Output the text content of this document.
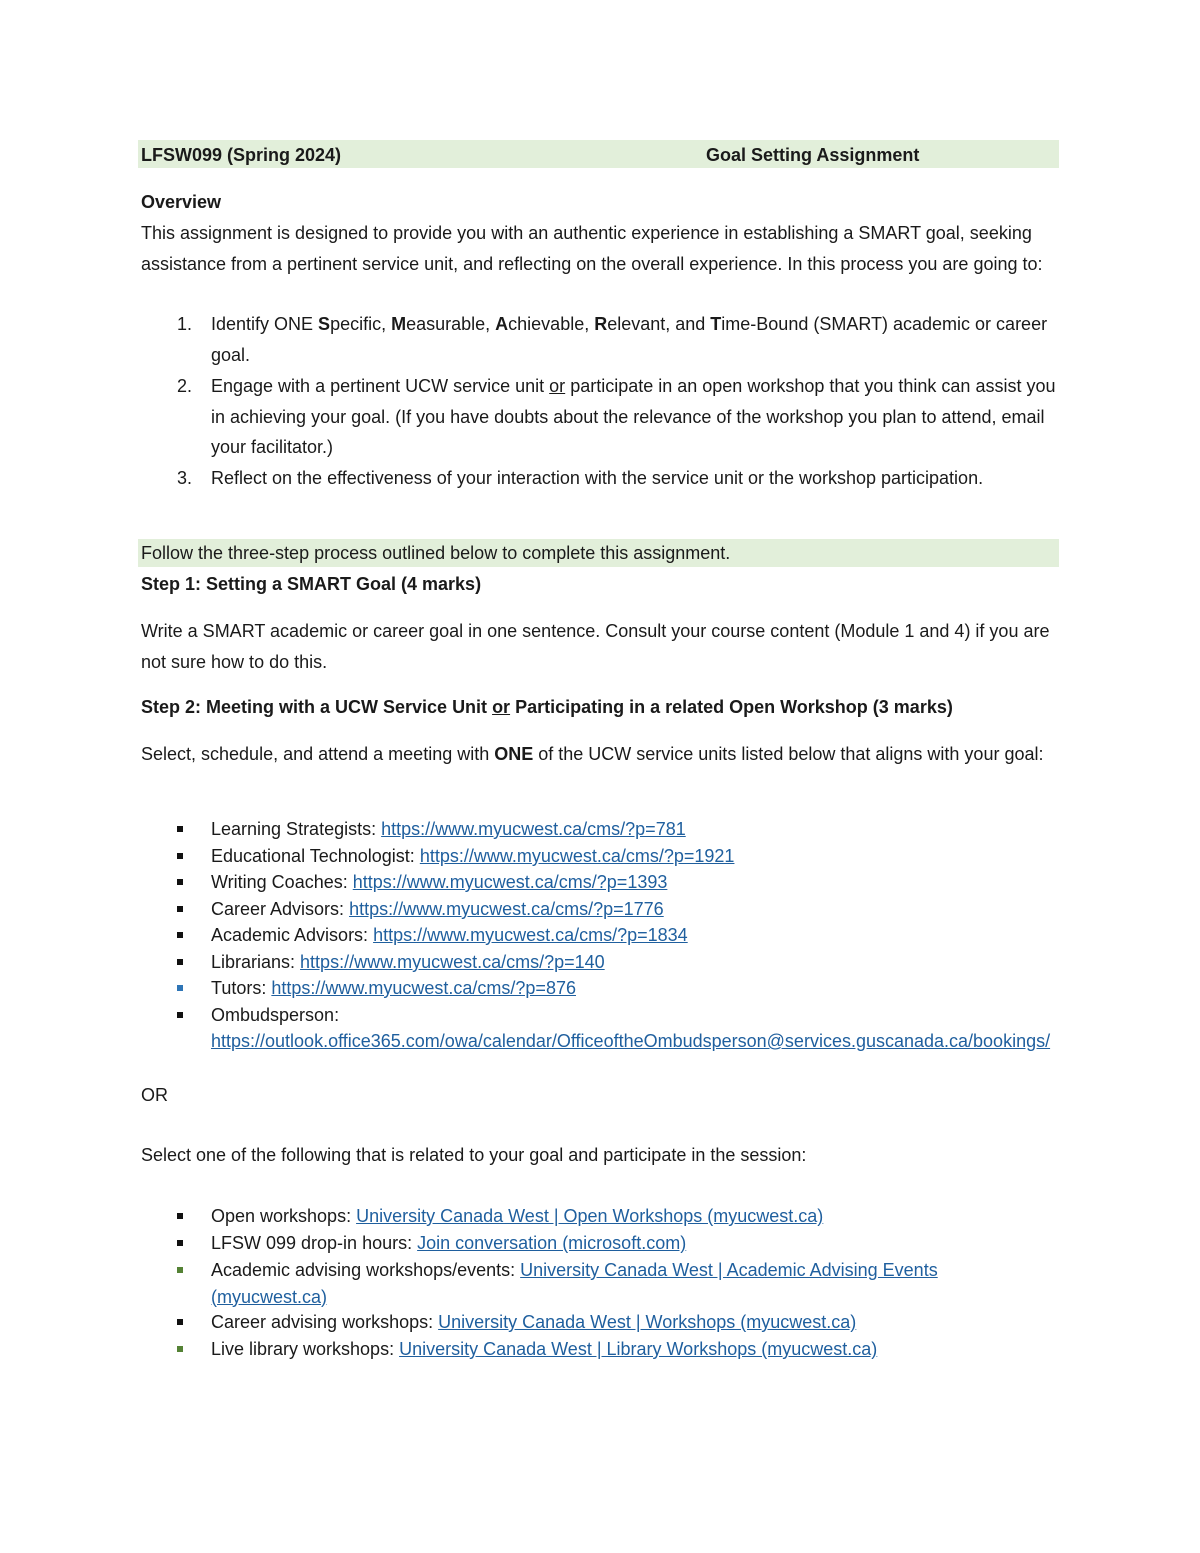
LFSW099 (Spring 2024)	Goal Setting Assignment
Overview
This assignment is designed to provide you with an authentic experience in establishing a SMART goal, seeking assistance from a pertinent service unit, and reflecting on the overall experience. In this process you are going to:
1. Identify ONE Specific, Measurable, Achievable, Relevant, and Time-Bound (SMART) academic or career goal.
2. Engage with a pertinent UCW service unit or participate in an open workshop that you think can assist you in achieving your goal. (If you have doubts about the relevance of the workshop you plan to attend, email your facilitator.)
3. Reflect on the effectiveness of your interaction with the service unit or the workshop participation.
Follow the three-step process outlined below to complete this assignment.
Step 1: Setting a SMART Goal (4 marks)
Write a SMART academic or career goal in one sentence. Consult your course content (Module 1 and 4) if you are not sure how to do this.
Step 2: Meeting with a UCW Service Unit or Participating in a related Open Workshop (3 marks)
Select, schedule, and attend a meeting with ONE of the UCW service units listed below that aligns with your goal:
Learning Strategists: https://www.myucwest.ca/cms/?p=781
Educational Technologist: https://www.myucwest.ca/cms/?p=1921
Writing Coaches: https://www.myucwest.ca/cms/?p=1393
Career Advisors: https://www.myucwest.ca/cms/?p=1776
Academic Advisors: https://www.myucwest.ca/cms/?p=1834
Librarians: https://www.myucwest.ca/cms/?p=140
Tutors: https://www.myucwest.ca/cms/?p=876
Ombudsperson:
https://outlook.office365.com/owa/calendar/OfficeoftheOmbudsperson@services.guscanada.ca/bookings/
OR
Select one of the following that is related to your goal and participate in the session:
Open workshops: University Canada West | Open Workshops (myucwest.ca)
LFSW 099 drop-in hours: Join conversation (microsoft.com)
Academic advising workshops/events: University Canada West | Academic Advising Events (myucwest.ca)
Career advising workshops: University Canada West | Workshops (myucwest.ca)
Live library workshops: University Canada West | Library Workshops (myucwest.ca)
